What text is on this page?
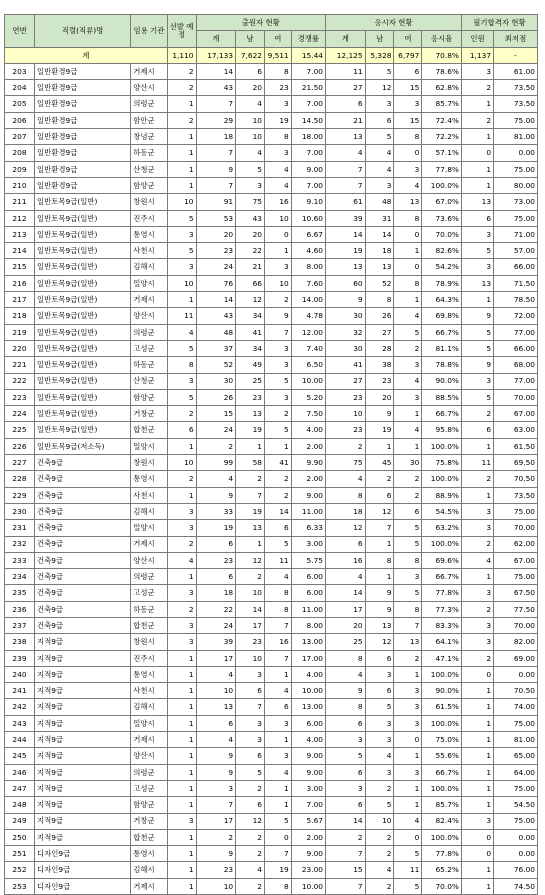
연번	직렬(직류)명	임용 기관	선발 예정	출원자 현황				응시자 현황				필기합격자 현황	
				계	남	여	경쟁률	계	남	여	응시율	인원	최저점
계			1,110	17,133	7,622	9,511	15.44	12,125	5,328	6,797	70.8%	1,137	-
203	일반환경9급	거제시	2	14	6	8	7.00	11	5	6	78.6%	3	61.00
204	일반환경9급	양산시	2	43	20	23	21.50	27	12	15	62.8%	2	73.50
205	일반환경9급	의령군	1	7	4	3	7.00	6	3	3	85.7%	1	73.50
206	일반환경9급	함안군	2	29	10	19	14.50	21	6	15	72.4%	2	75.00
207	일반환경9급	창녕군	1	18	10	8	18.00	13	5	8	72.2%	1	81.00
208	일반환경9급	하동군	1	7	4	3	7.00	4	4	0	57.1%	0	0.00
209	일반환경9급	산청군	1	9	5	4	9.00	7	4	3	77.8%	1	75.00
210	일반환경9급	함양군	1	7	3	4	7.00	7	3	4	100.0%	1	80.00
211	일반토목9급(일반)	창원시	10	91	75	16	9.10	61	48	13	67.0%	13	73.00
212	일반토목9급(일반)	진주시	5	53	43	10	10.60	39	31	8	73.6%	6	75.00
213	일반토목9급(일반)	통영시	3	20	20	0	6.67	14	14	0	70.0%	3	71.00
214	일반토목9급(일반)	사천시	5	23	22	1	4.60	19	18	1	82.6%	5	57.00
215	일반토목9급(일반)	김해시	3	24	21	3	8.00	13	13	0	54.2%	3	66.00
216	일반토목9급(일반)	밀양시	10	76	66	10	7.60	60	52	8	78.9%	13	71.50
217	일반토목9급(일반)	거제시	1	14	12	2	14.00	9	8	1	64.3%	1	78.50
218	일반토목9급(일반)	양산시	11	43	34	9	4.78	30	26	4	69.8%	9	72.00
219	일반토목9급(일반)	의령군	4	48	41	7	12.00	32	27	5	66.7%	5	77.00
220	일반토목9급(일반)	고성군	5	37	34	3	7.40	30	28	2	81.1%	5	66.00
221	일반토목9급(일반)	하동군	8	52	49	3	6.50	41	38	3	78.8%	9	68.00
222	일반토목9급(일반)	산청군	3	30	25	5	10.00	27	23	4	90.0%	3	77.00
223	일반토목9급(일반)	함양군	5	26	23	3	5.20	23	20	3	88.5%	5	70.00
224	일반토목9급(일반)	거창군	2	15	13	2	7.50	10	9	1	66.7%	2	67.00
225	일반토목9급(일반)	합천군	6	24	19	5	4.00	23	19	4	95.8%	6	63.00
226	일반토목9급(저소득)	밀양시	1	2	1	1	2.00	2	1	1	100.0%	1	61.50
227	건축9급	창원시	10	99	58	41	9.90	75	45	30	75.8%	11	69.50
228	건축9급	통영시	2	4	2	2	2.00	4	2	2	100.0%	2	70.50
229	건축9급	사천시	1	9	7	2	9.00	8	6	2	88.9%	1	73.50
230	건축9급	김해시	3	33	19	14	11.00	18	12	6	54.5%	3	75.00
231	건축9급	밀양시	3	19	13	6	6.33	12	7	5	63.2%	3	70.00
232	건축9급	거제시	2	6	1	5	3.00	6	1	5	100.0%	2	62.00
233	건축9급	양산시	4	23	12	11	5.75	16	8	8	69.6%	4	67.00
234	건축9급	의령군	1	6	2	4	6.00	4	1	3	66.7%	1	75.00
235	건축9급	고성군	3	18	10	8	6.00	14	9	5	77.8%	3	67.50
236	건축9급	하동군	2	22	14	8	11.00	17	9	8	77.3%	2	77.50
237	건축9급	합천군	3	24	17	7	8.00	20	13	7	83.3%	3	70.00
238	지적9급	창원시	3	39	23	16	13.00	25	12	13	64.1%	3	82.00
239	지적9급	진주시	1	17	10	7	17.00	8	6	2	47.1%	2	69.00
240	지적9급	통영시	1	4	3	1	4.00	4	3	1	100.0%	0	0.00
241	지적9급	사천시	1	10	6	4	10.00	9	6	3	90.0%	1	70.50
242	지적9급	김해시	1	13	7	6	13.00	8	5	3	61.5%	1	74.00
243	지적9급	밀양시	1	6	3	3	6.00	6	3	3	100.0%	1	75.00
244	지적9급	거제시	1	4	3	1	4.00	3	3	0	75.0%	1	81.00
245	지적9급	양산시	1	9	6	3	9.00	5	4	1	55.6%	1	65.00
246	지적9급	의령군	1	9	5	4	9.00	6	3	3	66.7%	1	64.00
247	지적9급	고성군	1	3	2	1	3.00	3	2	1	100.0%	1	75.00
248	지적9급	함양군	1	7	6	1	7.00	6	5	1	85.7%	1	54.50
249	지적9급	거창군	3	17	12	5	5.67	14	10	4	82.4%	3	75.00
250	지적9급	합천군	1	2	2	0	2.00	2	2	0	100.0%	0	0.00
251	디자인9급	통영시	1	9	2	7	9.00	7	2	5	77.8%	0	0.00
252	디자인9급	김해시	1	23	4	19	23.00	15	4	11	65.2%	1	76.00
253	디자인9급	거제시	1	10	2	8	10.00	7	2	5	70.0%	1	74.50
